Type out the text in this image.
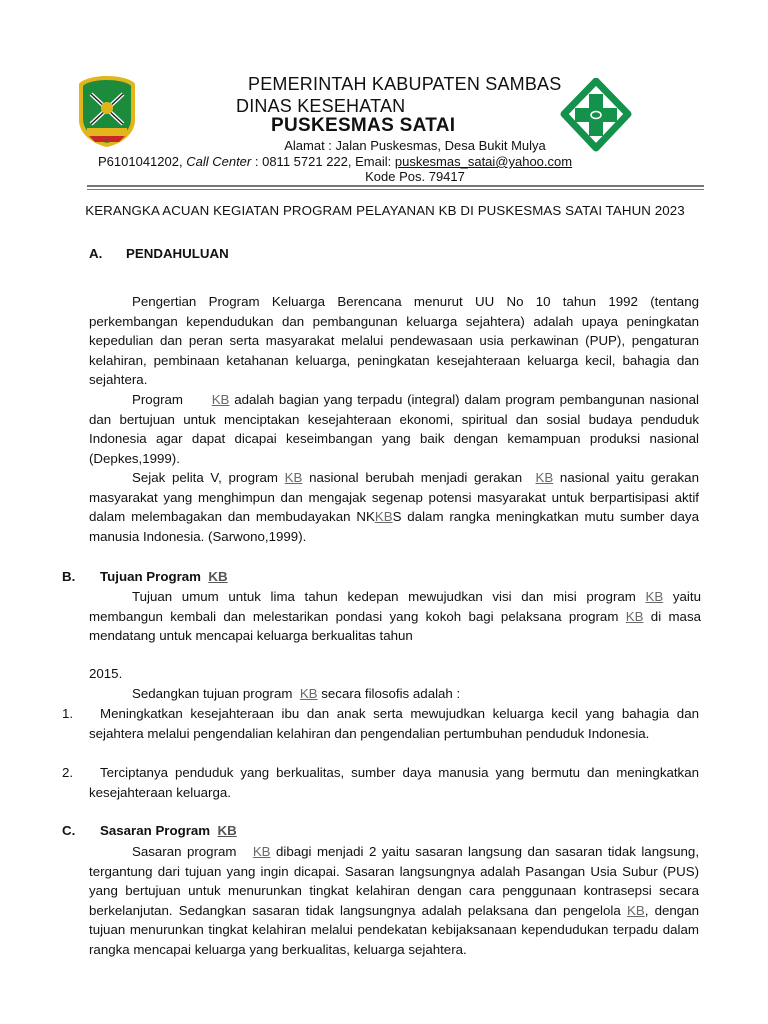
PEMERINTAH KABUPATEN SAMBAS
DINAS KESEHATAN
PUSKESMAS SATAI
Alamat : Jalan Puskesmas, Desa Bukit Mulya
P6101041202, Call Center : 0811 5721 222, Email: puskesmas_satai@yahoo.com
Kode Pos. 79417
KERANGKA ACUAN KEGIATAN PROGRAM PELAYANAN KB DI PUSKESMAS SATAI TAHUN 2023
A. PENDAHULUAN
Pengertian Program Keluarga Berencana menurut UU No 10 tahun 1992 (tentang perkembangan kependudukan dan pembangunan keluarga sejahtera) adalah upaya peningkatan kepedulian dan peran serta masyarakat melalui pendewasaan usia perkawinan (PUP), pengaturan kelahiran, pembinaan ketahanan keluarga, peningkatan kesejahteraan keluarga kecil, bahagia dan sejahtera.
Program KB adalah bagian yang terpadu (integral) dalam program pembangunan nasional dan bertujuan untuk menciptakan kesejahteraan ekonomi, spiritual dan sosial budaya penduduk Indonesia agar dapat dicapai keseimbangan yang baik dengan kemampuan produksi nasional (Depkes,1999).
Sejak pelita V, program KB nasional berubah menjadi gerakan KB nasional yaitu gerakan masyarakat yang menghimpun dan mengajak segenap potensi masyarakat untuk berpartisipasi aktif dalam melembagakan dan membudayakan NKKBS dalam rangka meningkatkan mutu sumber daya manusia Indonesia. (Sarwono,1999).
B. Tujuan Program KB
Tujuan umum untuk lima tahun kedepan mewujudkan visi dan misi program KB yaitu membangun kembali dan melestarikan pondasi yang kokoh bagi pelaksana program KB di masa mendatang untuk mencapai keluarga berkualitas tahun
2015.
Sedangkan tujuan program KB secara filosofis adalah :
1.	Meningkatkan kesejahteraan ibu dan anak serta mewujudkan keluarga kecil yang bahagia dan sejahtera melalui pengendalian kelahiran dan pengendalian pertumbuhan penduduk Indonesia.
2.	Terciptanya penduduk yang berkualitas, sumber daya manusia yang bermutu dan meningkatkan kesejahteraan keluarga.
C. Sasaran Program KB
Sasaran program KB dibagi menjadi 2 yaitu sasaran langsung dan sasaran tidak langsung, tergantung dari tujuan yang ingin dicapai. Sasaran langsungnya adalah Pasangan Usia Subur (PUS) yang bertujuan untuk menurunkan tingkat kelahiran dengan cara penggunaan kontrasepsi secara berkelanjutan. Sedangkan sasaran tidak langsungnya adalah pelaksana dan pengelola KB, dengan tujuan menurunkan tingkat kelahiran melalui pendekatan kebijaksanaan kependudukan terpadu dalam rangka mencapai keluarga yang berkualitas, keluarga sejahtera.
